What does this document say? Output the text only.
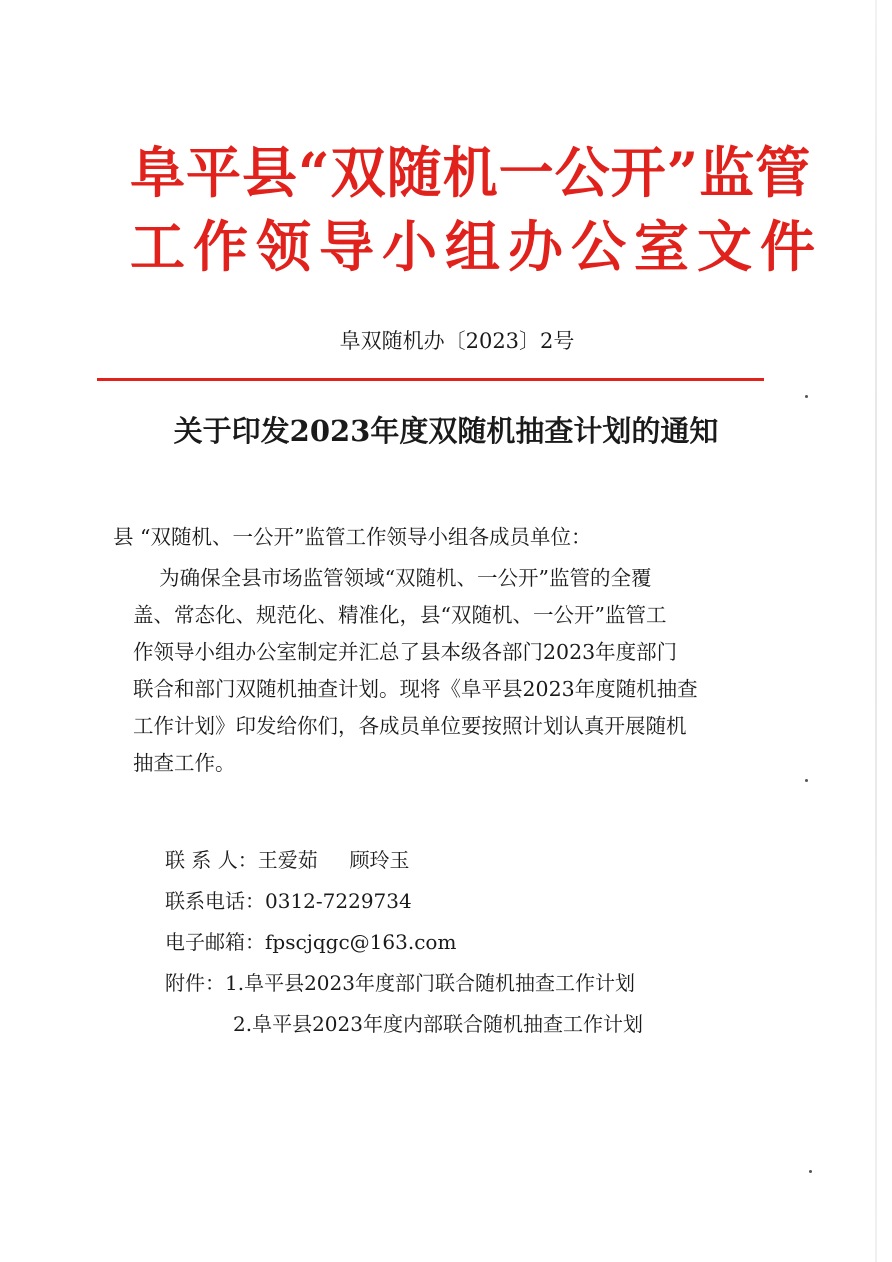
阜平县“双随机一公开”监管
工作领导小组办公室文件
阜双随机办〔2023〕2号
关于印发2023年度双随机抽查计划的通知
县 “双随机、一公开”监管工作领导小组各成员单位：
为确保全县市场监管领域“双随机、一公开”监管的全覆
盖、常态化、规范化、精准化，县“双随机、一公开”监管工
作领导小组办公室制定并汇总了县本级各部门2023年度部门
联合和部门双随机抽查计划。现将《阜平县2023年度随机抽查
工作计划》印发给你们，各成员单位要按照计划认真开展随机
抽查工作。
联 系 人：王爱茹     顾玲玉
联系电话：0312-7229734
电子邮箱：fpscjqgc@163.com
附件：1.阜平县2023年度部门联合随机抽查工作计划
2.阜平县2023年度内部联合随机抽查工作计划
